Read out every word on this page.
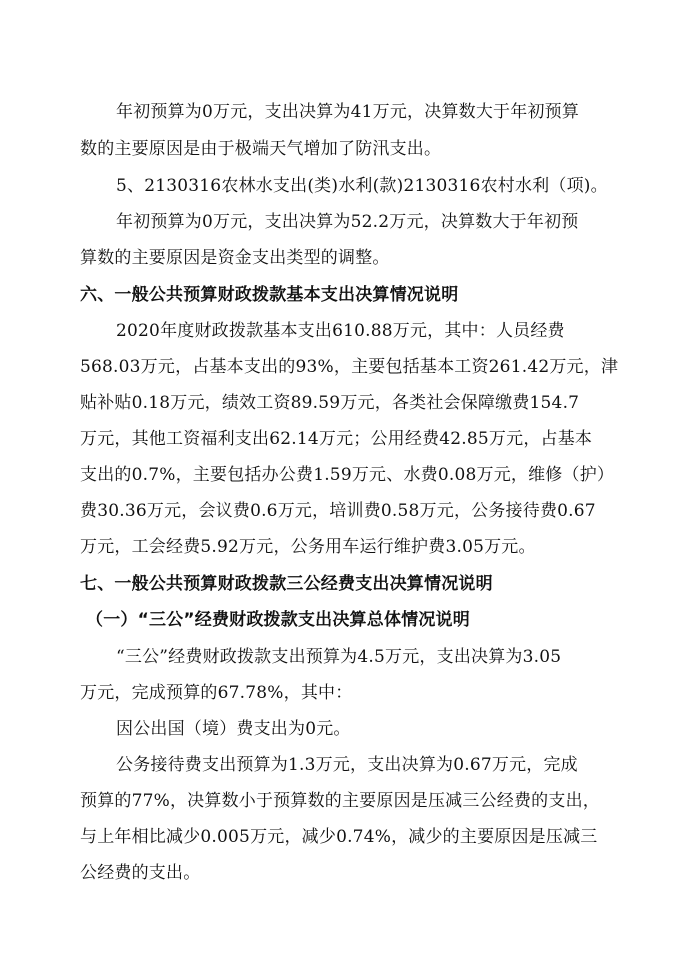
年初预算为0万元，支出决算为41万元，决算数大于年初预算
数的主要原因是由于极端天气增加了防汛支出。
5、2130316农林水支出(类)水利(款)2130316农村水利（项)。
年初预算为0万元，支出决算为52.2万元，决算数大于年初预
算数的主要原因是资金支出类型的调整。
六、一般公共预算财政拨款基本支出决算情况说明
2020年度财政拨款基本支出610.88万元，其中：人员经费
568.03万元，占基本支出的93%，主要包括基本工资261.42万元，津
贴补贴0.18万元，绩效工资89.59万元，各类社会保障缴费154.7
万元，其他工资福利支出62.14万元；公用经费42.85万元，占基本
支出的0.7%，主要包括办公费1.59万元、水费0.08万元，维修（护）
费30.36万元，会议费0.6万元，培训费0.58万元，公务接待费0.67
万元，工会经费5.92万元，公务用车运行维护费3.05万元。
七、一般公共预算财政拨款三公经费支出决算情况说明
（一）“三公”经费财政拨款支出决算总体情况说明
“三公”经费财政拨款支出预算为4.5万元，支出决算为3.05
万元，完成预算的67.78%，其中：
因公出国（境）费支出为0元。
公务接待费支出预算为1.3万元，支出决算为0.67万元，完成
预算的77%，决算数小于预算数的主要原因是压减三公经费的支出，
与上年相比减少0.005万元，减少0.74%，减少的主要原因是压减三
公经费的支出。
